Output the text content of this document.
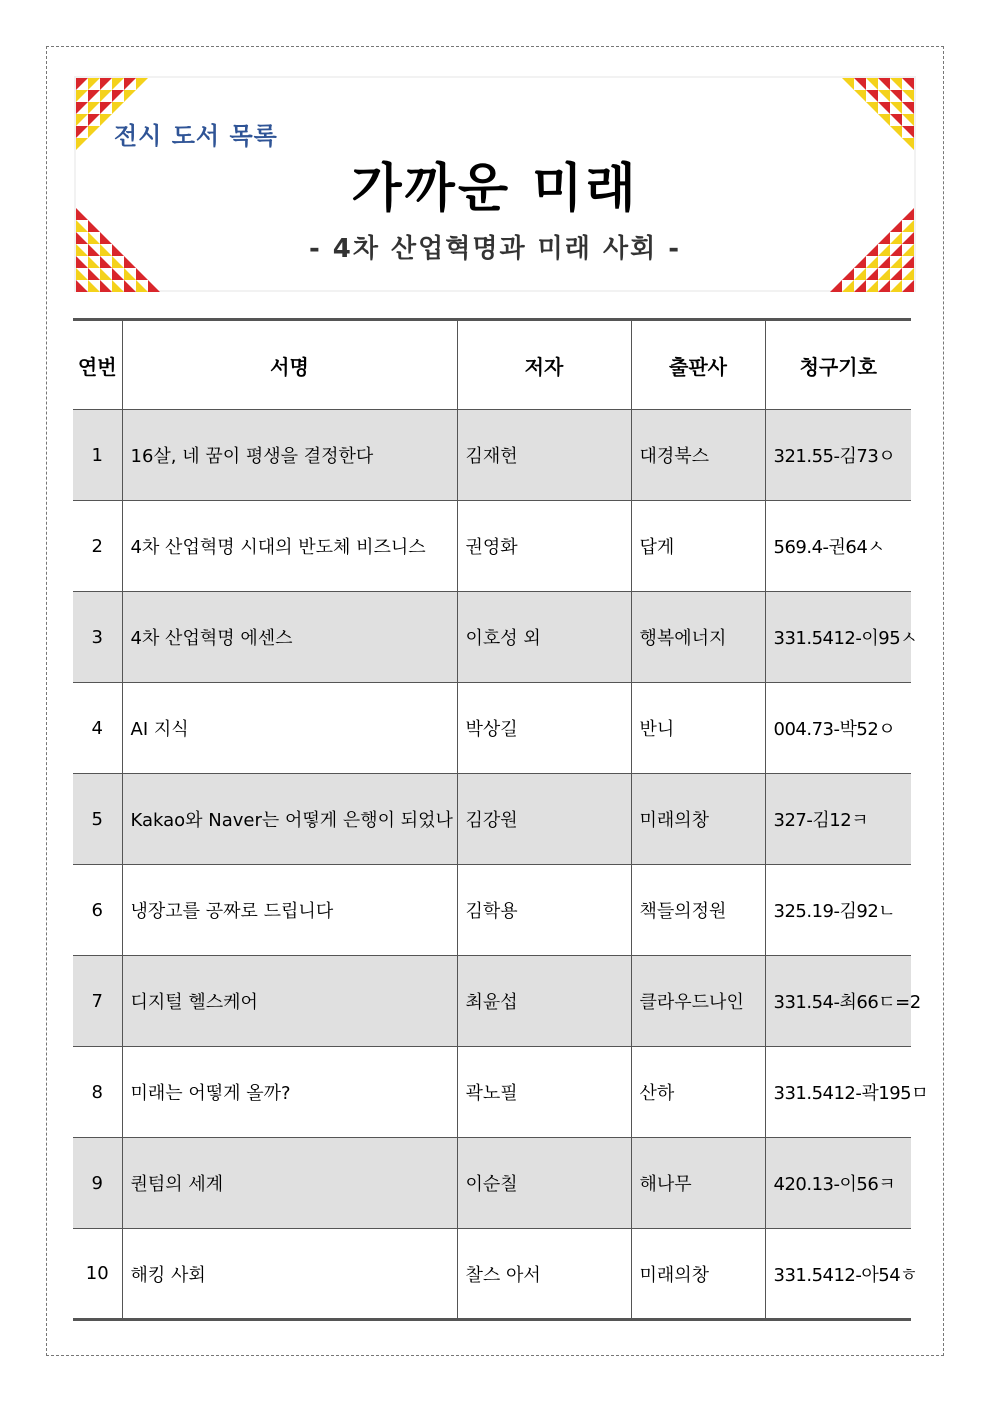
전시 도서 목록
가까운 미래
- 4차 산업혁명과 미래 사회 -
연번	서명	저자	출판사	청구기호
1	16살, 네 꿈이 평생을 결정한다	김재헌	대경북스	321.55-김73ㅇ
2	4차 산업혁명 시대의 반도체 비즈니스	권영화	답게	569.4-권64ㅅ
3	4차 산업혁명 에센스	이호성 외	행복에너지	331.5412-이95ㅅ
4	AI 지식	박상길	반니	004.73-박52ㅇ
5	Kakao와 Naver는 어떻게 은행이 되었나	김강원	미래의창	327-김12ㅋ
6	냉장고를 공짜로 드립니다	김학용	책들의정원	325.19-김92ㄴ
7	디지털 헬스케어	최윤섭	클라우드나인	331.54-최66ㄷ=2
8	미래는 어떻게 올까?	곽노필	산하	331.5412-곽195ㅁ
9	퀀텀의 세계	이순칠	해나무	420.13-이56ㅋ
10	해킹 사회	찰스 아서	미래의창	331.5412-아54ㅎ
